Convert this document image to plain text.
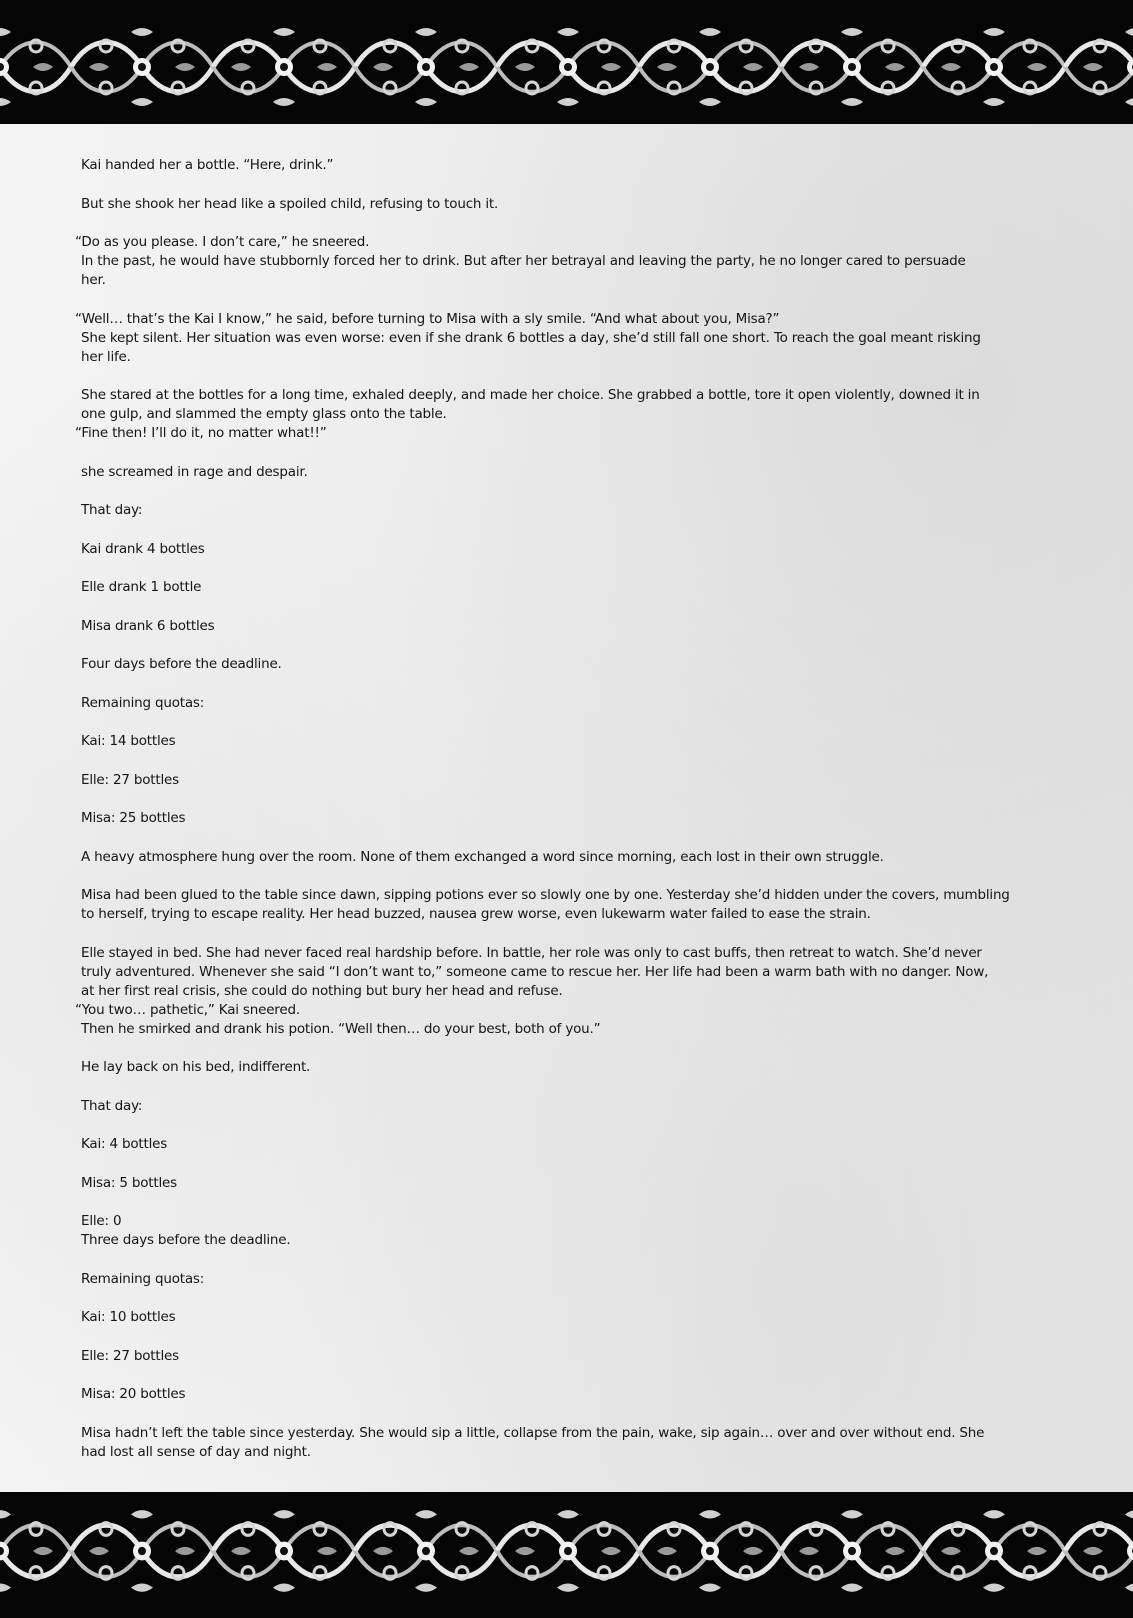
Kai handed her a bottle. “Here, drink.”
But she shook her head like a spoiled child, refusing to touch it.
“Do as you please. I don’t care,” he sneered.
In the past, he would have stubbornly forced her to drink. But after her betrayal and leaving the party, he no longer cared to persuade
her.
“Well… that’s the Kai I know,” he said, before turning to Misa with a sly smile. “And what about you, Misa?”
She kept silent. Her situation was even worse: even if she drank 6 bottles a day, she’d still fall one short. To reach the goal meant risking
her life.
She stared at the bottles for a long time, exhaled deeply, and made her choice. She grabbed a bottle, tore it open violently, downed it in
one gulp, and slammed the empty glass onto the table.
“Fine then! I’ll do it, no matter what!!”
she screamed in rage and despair.
That day:
Kai drank 4 bottles
Elle drank 1 bottle
Misa drank 6 bottles
Four days before the deadline.
Remaining quotas:
Kai: 14 bottles
Elle: 27 bottles
Misa: 25 bottles
A heavy atmosphere hung over the room. None of them exchanged a word since morning, each lost in their own struggle.
Misa had been glued to the table since dawn, sipping potions ever so slowly one by one. Yesterday she’d hidden under the covers, mumbling
to herself, trying to escape reality. Her head buzzed, nausea grew worse, even lukewarm water failed to ease the strain.
Elle stayed in bed. She had never faced real hardship before. In battle, her role was only to cast buffs, then retreat to watch. She’d never
truly adventured. Whenever she said “I don’t want to,” someone came to rescue her. Her life had been a warm bath with no danger. Now,
at her first real crisis, she could do nothing but bury her head and refuse.
“You two… pathetic,” Kai sneered.
Then he smirked and drank his potion. “Well then… do your best, both of you.”
He lay back on his bed, indifferent.
That day:
Kai: 4 bottles
Misa: 5 bottles
Elle: 0
Three days before the deadline.
Remaining quotas:
Kai: 10 bottles
Elle: 27 bottles
Misa: 20 bottles
Misa hadn’t left the table since yesterday. She would sip a little, collapse from the pain, wake, sip again… over and over without end. She
had lost all sense of day and night.
